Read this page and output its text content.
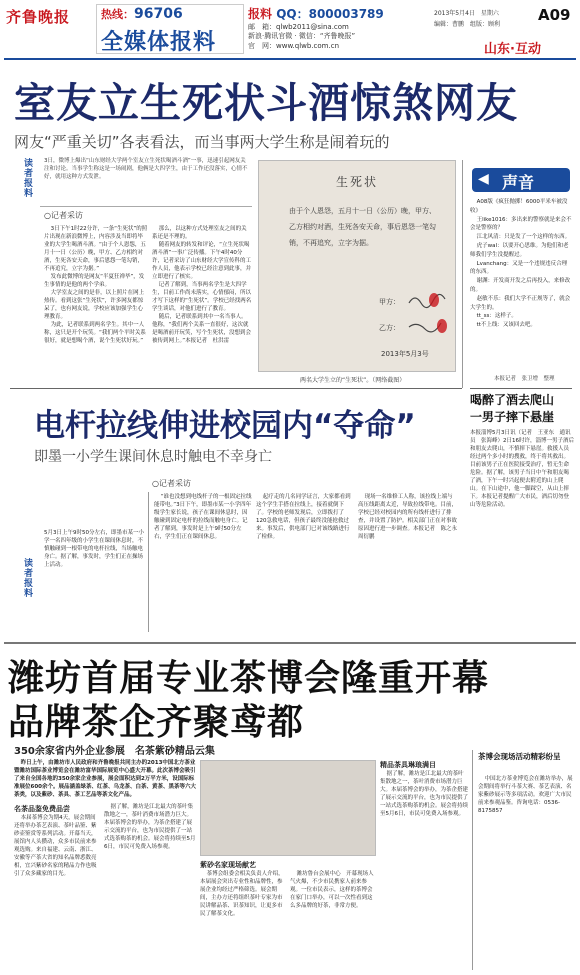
齐鲁晚报	热线：96706
全媒体报料
报料 QQ：800003789
邮　 箱：qlwb2011@sina.com
新浪·腾讯官微 · 微信：“齐鲁晚报”
官　 网：www.qlwb.com.cn
2013年5月4日　星期六
编辑：曹鹏　组版：顾利
A09
山东·互动
室友立生死状斗酒惊煞网友
网友“严重关切”各表看法，而当事两大学生称是闹着玩的
读者报料
3日，微博上爆出“山东财经大学两个室友立生死状喝酒斗酒”一事，迅速引起网友关注和讨论。当事学生称这是一场闹剧，他俩是大四学生，由于工作还没落实，心情不好，就用这种方式发泄。
○记者采访

3日下午1时22分许，一条“生死状”的照片出现在新浪微博上，内容涉及当即将毕业的大学生喝酒斗酒。“由于个人恩怨，五月十一日（公历）晚，甲方、乙方相约对酒，生死各安天命，事后恩怨一笔勾销，不再追究，立字为据。”

发布此微博的是网友“半夏狂禅毕”，发生事情的是他的两个学弟。

大学室友之间的是非，以上照片在网上热传。看到这张“生死状”，许多网友都惊呆了，也有网友说，学校应该加强学生心理教育。

为此，记者联系到两名学生。其中一人称，这只是开个玩笑。“我们两个平时关系很好，就是想喝个酒，说个生死状好玩。”

那么，以这种方式处理室友之间的关系还是不理的。

随着网友的转发和评论，“立生死状喝酒斗酒”一事广泛传播。下午4时40分许，记者采访了山东财经大学宣传科的工作人员，他表示学校已经注意到此事，并立即进行了核实。

记者了解到，当事两名学生是大四学生，目前工作尚未落实，心情郁闷，所以才写下这样的“生死状”。学校已经找两名学生谈话，对他们进行了教育。

随后，记者联系到其中一名当事人。他称，“我们两个关系一直很好，这次就是喝酒前开玩笑，写个生死状，没想到会被传到网上。”本报记者　杜洪雷

生死状
由于个人恩怨，五月十一日（公历）晚，甲方、乙方相约对酒，生死各安天命，事后恩怨一笔勾销，不再追究，立字为据。
甲方：
乙方：
2013年5月3号
两名大学生立的“生死状”。（网络截图）
◀ 声音

A08版《疯狂抛掷！6000平米车被没收》

王like1016：多出来的警察就是来会不会是警察的？

江北风清：只是发了一个这样的东西。

虎子wal：以要开心思维。为他们和老师我们学生没提醒过。

Lvanchang：又是一个违规违反合理的东西。

谢渊：开发商开发之后再投入，来修改的。

赵敏不乐：我们大学不正规等了，就会大学生的。

tt_ss：这样子。

tt不上线：又该回去吧。

本报记者　张卫增　整理
喝醉了酒去爬山　一男子摔下悬崖
本报淄博5月3日讯（记者　王亚东　通讯员　张海峰）2日16时许，淄博一男子酒后和朋友去爬山，不慎摔下悬崖。救援人员经过两个多小时的搜救，终于将其救出。目前该男子正在医院接受治疗，暂无生命危险。据了解，该男子当日中午和朋友喝了酒，下午一时兴起便去附近的山上爬山。在下山途中，他一脚踩空，从山上摔下。本报记者提醒广大市民，酒后切勿登山等危险活动。
电杆拉线伸进校园内“夺命”
即墨一小学生课间休息时触电不幸身亡
○记者采访
读者报料
5月3日上午9时50分左右，即墨市某一小学一名四年级的小学生在课间休息时，不慎触碰到一根带电的电杆拉线，当场触电身亡。据了解，事发时，学生们正在操场上活动。
“谁也没想到电线杆子的一根固定拉线能带电。”3日下午，即墨市某一小学四年级学生家长说，孩子在课间休息时，因触碰到固定电杆的拉线而触电身亡。记者了解到，事发时是上午9时50分左右，学生们正在课间休息。
起疗走的几名同学证言，大家都看到这个学生手搭在拉线上，接着就倒下了。学校的老师发现后，立即拨打了120急救电话，但孩子最终没能抢救过来。事发后，供电部门已对该线路进行了检修。
现场一名维修工人称，该拉线上端与高压线距离太近，导致拉线带电。目前，学校已经对校园内的所有线杆进行了排查，并设置了防护。相关部门正在对事故原因进行进一步调查。本报记者　陈之永　周衍鹏
潍坊首届专业茶博会隆重开幕
品牌茶企齐聚鸢都
350余家省内外企业参展　名茶紫砂精品云集
昨日上午，由潍坊市人民政府和齐鲁晚报共同主办的2013中国北方茶业暨潍坊国际茶业博览会在潍坊富华国际展览中心盛大开幕。此次茶博会吸引了来自全国各地的350余家企业参展，展会面积达到2万平方米，设国际标准展位600余个。展品涵盖绿茶、红茶、乌龙茶、白茶、黄茶、黑茶等六大茶类，以及紫砂、茶具、茶工艺品等茶文化产品。
名茶品鉴免费品尝
本届茶博会为期4天，展会期间还将举办茶艺表演、茶叶品鉴、紫砂壶鉴赏等系列活动。开幕当天，展馆内人头攒动，众多市民前来参观选购。来自福建、云南、浙江、安徽等产茶大省的知名品牌悉数亮相，宜兴紫砂名家的精品力作也吸引了众多藏家的目光。
据了解，潍坊是江北最大的茶叶集散地之一，茶叶消费市场潜力巨大。本届茶博会的举办，为茶企搭建了展示交流的平台，也为市民提供了一站式选茶购茶的机会。展会将持续至5月6日，市民可免费入场参观。
紫砂名家现场献艺
茶博会组委会相关负责人介绍，本届展会突出专业性和品牌性，参展企业均经过严格筛选。展会期间，主办方还将组织茶叶专家为市民讲解品茶、识茶知识，让更多市民了解茶文化。
潍坊鲁台会展中心　开幕现场人气火爆，不少市民携家人前来参观。一位市民表示，这样的茶博会在家门口举办，可以一次性看到这么多品牌的好茶，非常方便。
精品茶具琳琅满目
据了解，潍坊是江北最大的茶叶集散地之一，茶叶消费市场潜力巨大。本届茶博会的举办，为茶企搭建了展示交流的平台，也为市民提供了一站式选茶购茶的机会。展会将持续至5月6日，市民可免费入场参观。
茶博会现场活动精彩纷呈
中国北方茶业博览会在潍坊举办，展会期间将举行斗茶大赛、茶艺表演、名家紫砂展示等多项活动。欢迎广大市民前来参观品鉴。咨询电话：0536-8175857
